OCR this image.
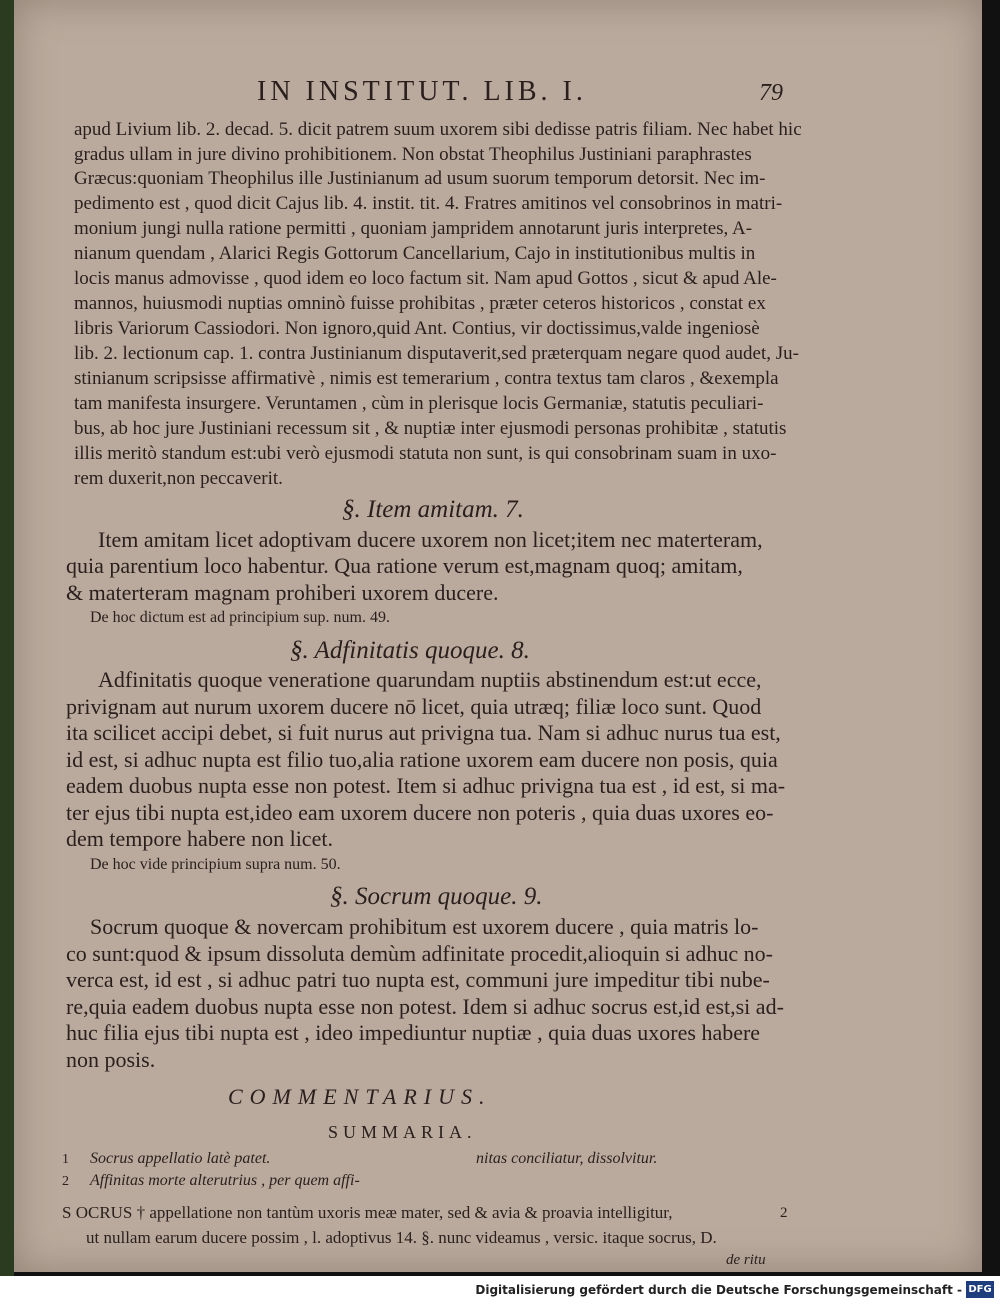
IN INSTITUT. LIB. I.	79
apud Livium lib. 2. decad. 5. dicit patrem suum uxorem sibi dedisse patris filiam. Nec habet hic
gradus ullam in jure divino prohibitionem. Non obstat Theophilus Justiniani paraphrastes
Græcus:quoniam Theophilus ille Justinianum ad usum suorum temporum detorsit. Nec im-
pedimento est , quod dicit Cajus lib. 4. instit. tit. 4. Fratres amitinos vel consobrinos in matri-
monium jungi nulla ratione permitti , quoniam jampridem annotarunt juris interpretes, A-
nianum quendam , Alarici Regis Gottorum Cancellarium, Cajo in institutionibus multis in
locis manus admovisse , quod idem eo loco factum sit. Nam apud Gottos , sicut & apud Ale-
mannos, huiusmodi nuptias omninò fuisse prohibitas , præter ceteros historicos , constat ex
libris Variorum Cassiodori. Non ignoro,quid Ant. Contius, vir doctissimus,valde ingeniosè
lib. 2. lectionum cap. 1. contra Justinianum disputaverit,sed præterquam negare quod audet, Ju-
stinianum scripsisse affirmativè , nimis est temerarium , contra textus tam claros , &exempla
tam manifesta insurgere. Veruntamen , cùm in plerisque locis Germaniæ, statutis peculiari-
bus, ab hoc jure Justiniani recessum sit , & nuptiæ inter ejusmodi personas prohibitæ , statutis
illis meritò standum est:ubi verò ejusmodi statuta non sunt, is qui consobrinam suam in uxo-
rem duxerit,non peccaverit.
§. Item amitam. 7.
Item amitam licet adoptivam ducere uxorem non licet;item nec materteram,
quia parentium loco habentur. Qua ratione verum est,magnam quoq; amitam,
& materteram magnam prohiberi uxorem ducere.
De hoc dictum est ad principium sup. num. 49.
§. Adfinitatis quoque. 8.
Adfinitatis quoque veneratione quarundam nuptiis abstinendum est:ut ecce,
privignam aut nurum uxorem ducere nō licet, quia utræq; filiæ loco sunt. Quod
ita scilicet accipi debet, si fuit nurus aut privigna tua. Nam si adhuc nurus tua est,
id est, si adhuc nupta est filio tuo,alia ratione uxorem eam ducere non posis, quia
eadem duobus nupta esse non potest. Item si adhuc privigna tua est , id est, si ma-
ter ejus tibi nupta est,ideo eam uxorem ducere non poteris , quia duas uxores eo-
dem tempore habere non licet.
De hoc vide principium supra num. 50.
§. Socrum quoque. 9.
Socrum quoque & novercam prohibitum est uxorem ducere , quia matris lo-
co sunt:quod & ipsum dissoluta demùm adfinitate procedit,alioquin si adhuc no-
verca est, id est , si adhuc patri tuo nupta est, communi jure impeditur tibi nube-
re,quia eadem duobus nupta esse non potest. Idem si adhuc socrus est,id est,si ad-
huc filia ejus tibi nupta est , ideo impediuntur nuptiæ , quia duas uxores habere
non posis.
COMMENTARIUS.
SUMMARIA.
1 Socrus appellatio latè patet.
2 Affinitas morte alterutrius , per quem affi-
nitas conciliatur, dissolvitur.
S OCRUS † appellatione non tantùm uxoris meæ mater, sed & avia & proavia intelligitur,
ut nullam earum ducere possim , l. adoptivus 14. §. nunc videamus , versic. itaque socrus, D.
2
de ritu
Digitalisierung gefördert durch die Deutsche Forschungsgemeinschaft - DFG
